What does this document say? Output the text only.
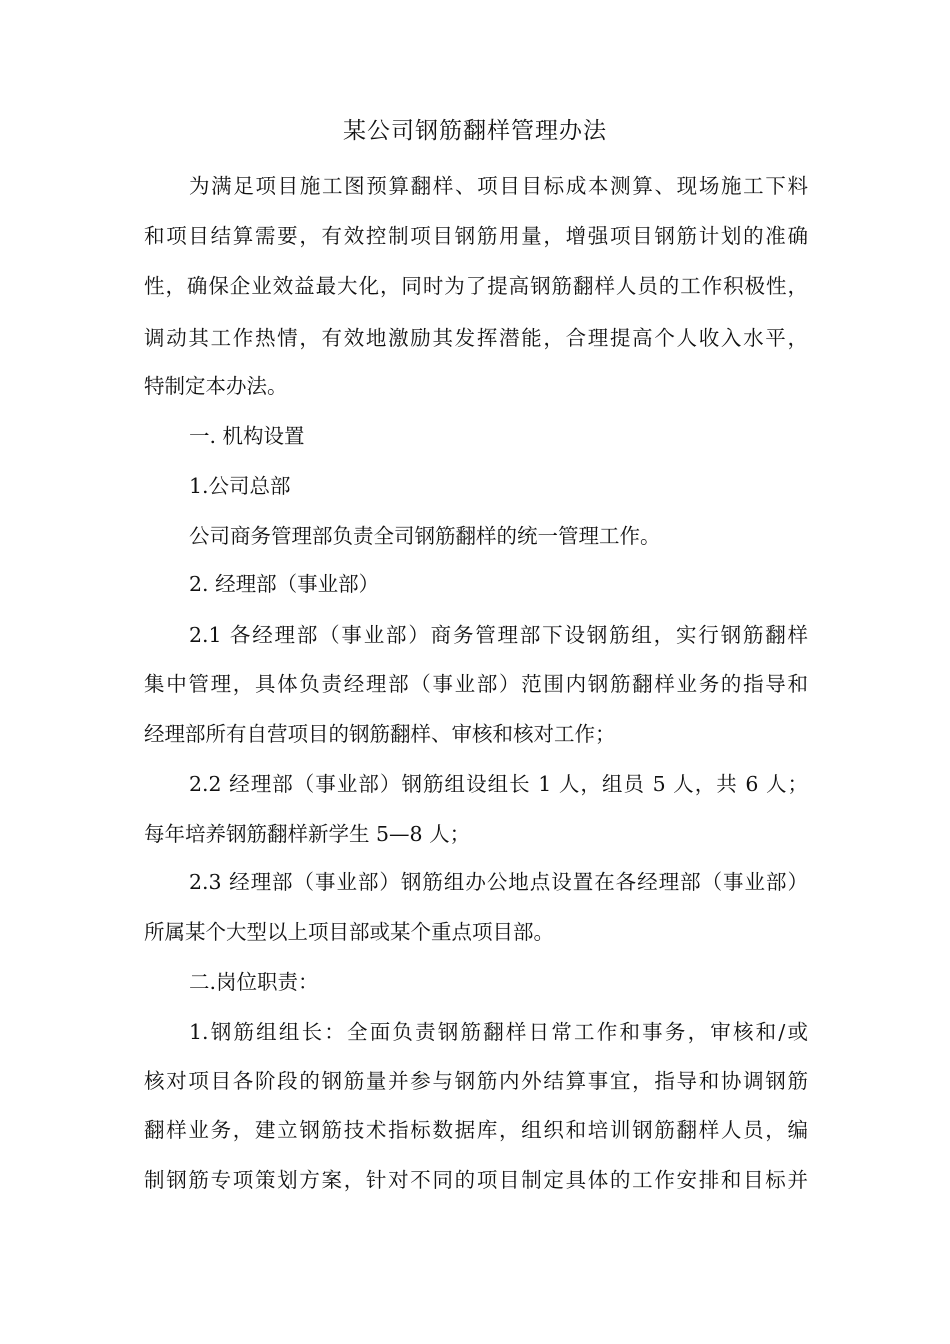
某公司钢筋翻样管理办法
为满足项目施工图预算翻样、项目目标成本测算、现场施工下料
和项目结算需要，有效控制项目钢筋用量，增强项目钢筋计划的准确
性，确保企业效益最大化，同时为了提高钢筋翻样人员的工作积极性，
调动其工作热情，有效地激励其发挥潜能，合理提高个人收入水平，
特制定本办法。
一. 机构设置
1.公司总部
公司商务管理部负责全司钢筋翻样的统一管理工作。
2. 经理部（事业部）
2.1 各经理部（事业部）商务管理部下设钢筋组，实行钢筋翻样
集中管理，具体负责经理部（事业部）范围内钢筋翻样业务的指导和
经理部所有自营项目的钢筋翻样、审核和核对工作；
2.2 经理部（事业部）钢筋组设组长 1 人，组员 5 人，共 6 人；
每年培养钢筋翻样新学生 5—8 人；
2.3 经理部（事业部）钢筋组办公地点设置在各经理部（事业部）
所属某个大型以上项目部或某个重点项目部。
二.岗位职责：
1.钢筋组组长：全面负责钢筋翻样日常工作和事务，审核和/或
核对项目各阶段的钢筋量并参与钢筋内外结算事宜，指导和协调钢筋
翻样业务，建立钢筋技术指标数据库，组织和培训钢筋翻样人员，编
制钢筋专项策划方案，针对不同的项目制定具体的工作安排和目标并
